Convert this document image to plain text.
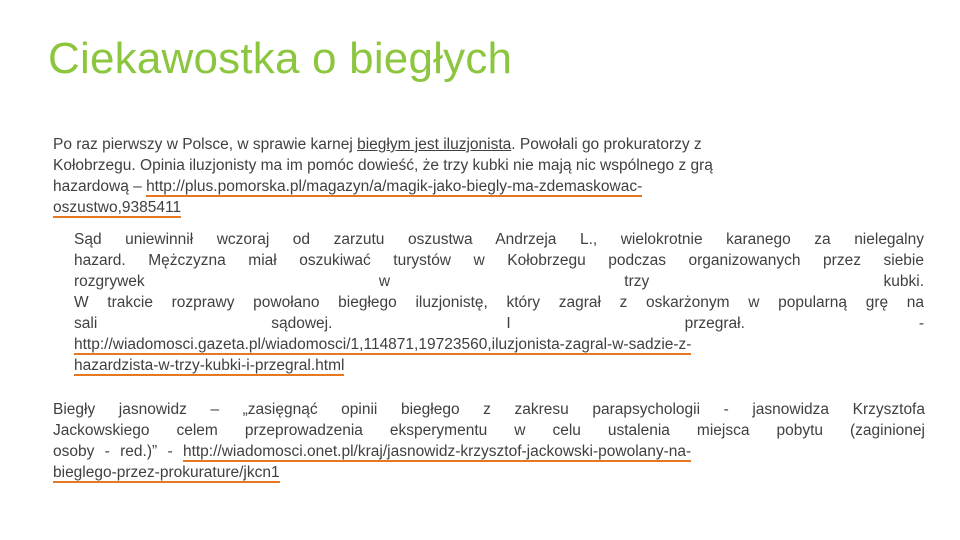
Ciekawostka o biegłych
Po raz pierwszy w Polsce, w sprawie karnej biegłym jest iluzjonista. Powołali go prokuratorzy z
Kołobrzegu. Opinia iluzjonisty ma im pomóc dowieść, że trzy kubki nie mają nic wspólnego z grą
hazardową – http://plus.pomorska.pl/magazyn/a/magik-jako-biegly-ma-zdemaskowac-
oszustwo,9385411
Sąd uniewinnił wczoraj od zarzutu oszustwa Andrzeja L., wielokrotnie karanego za nielegalny
hazard. Mężczyzna miał oszukiwać turystów w Kołobrzegu podczas organizowanych przez siebie
rozgrywek w trzy kubki.
W trakcie rozprawy powołano biegłego iluzjonistę, który zagrał z oskarżonym w popularną grę na
sali sądowej. I przegrał. -
http://wiadomosci.gazeta.pl/wiadomosci/1,114871,19723560,iluzjonista-zagral-w-sadzie-z-
hazardzista-w-trzy-kubki-i-przegral.html
Biegły jasnowidz – „zasięgnąć opinii biegłego z zakresu parapsychologii - jasnowidza Krzysztofa
Jackowskiego celem przeprowadzenia eksperymentu w celu ustalenia miejsca pobytu (zaginionej
osoby - red.)” - http://wiadomosci.onet.pl/kraj/jasnowidz-krzysztof-jackowski-powolany-na-
bieglego-przez-prokurature/jkcn1
